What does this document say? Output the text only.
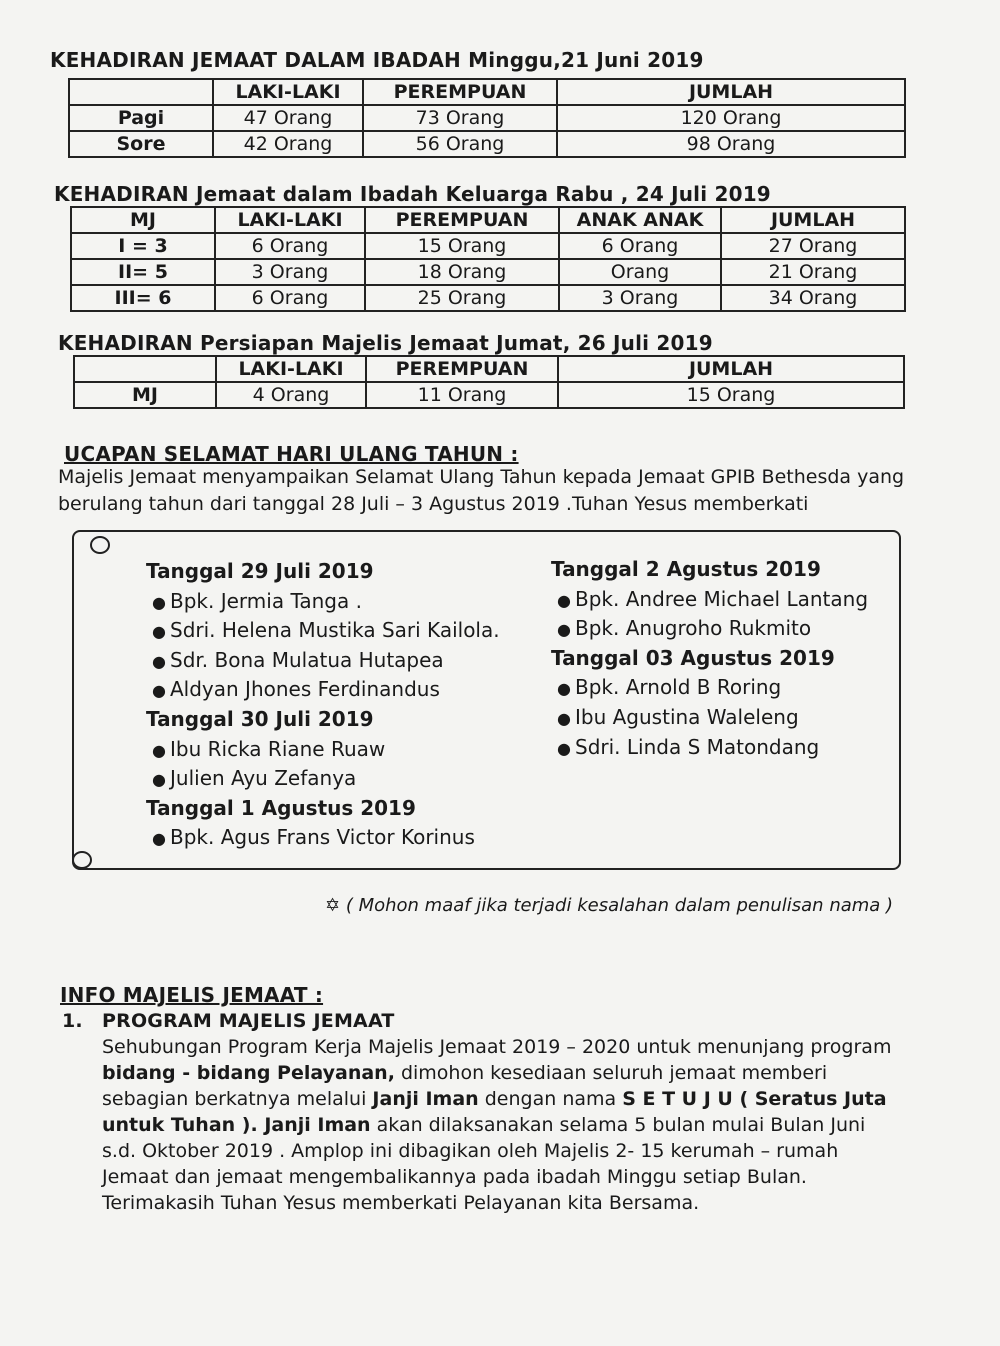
KEHADIRAN JEMAAT DALAM IBADAH Minggu,21 Juni 2019
	LAKI-LAKI	PEREMPUAN	JUMLAH
Pagi	47 Orang	73 Orang	120 Orang
Sore	42 Orang	56 Orang	98 Orang
KEHADIRAN Jemaat dalam Ibadah Keluarga Rabu , 24 Juli 2019
MJ	LAKI-LAKI	PEREMPUAN	ANAK ANAK	JUMLAH
I = 3	6 Orang	15 Orang	6 Orang	27 Orang
II= 5	3 Orang	18 Orang	Orang	21 Orang
III= 6	6 Orang	25 Orang	3 Orang	34 Orang
KEHADIRAN Persiapan Majelis Jemaat Jumat, 26 Juli 2019
	LAKI-LAKI	PEREMPUAN	JUMLAH
MJ	4 Orang	11 Orang	15 Orang
UCAPAN SELAMAT HARI ULANG TAHUN :
Majelis Jemaat menyampaikan Selamat Ulang Tahun kepada Jemaat GPIB Bethesda yang
berulang tahun dari tanggal 28 Juli – 3 Agustus 2019 .Tuhan Yesus memberkati
Tanggal 29 Juli 2019
● Bpk. Jermia Tanga .
● Sdri. Helena Mustika Sari Kailola.
● Sdr. Bona Mulatua Hutapea
● Aldyan Jhones Ferdinandus
Tanggal 30 Juli 2019
● Ibu Ricka Riane Ruaw
● Julien Ayu Zefanya
Tanggal 1 Agustus 2019
● Bpk. Agus Frans Victor Korinus
Tanggal 2 Agustus 2019
● Bpk. Andree Michael Lantang
● Bpk. Anugroho Rukmito
Tanggal 03 Agustus 2019
● Bpk. Arnold B Roring
● Ibu Agustina Waleleng
● Sdri. Linda S Matondang
✡ ( Mohon maaf jika terjadi kesalahan dalam penulisan nama )
INFO MAJELIS JEMAAT :
1. PROGRAM MAJELIS JEMAAT
Sehubungan Program Kerja Majelis Jemaat 2019 – 2020 untuk menunjang program
bidang - bidang Pelayanan, dimohon kesediaan seluruh jemaat memberi
sebagian berkatnya melalui Janji Iman dengan nama S E T U J U ( Seratus Juta
untuk Tuhan ). Janji Iman akan dilaksanakan selama 5 bulan mulai Bulan Juni
s.d. Oktober 2019 . Amplop ini dibagikan oleh Majelis 2- 15 kerumah – rumah
Jemaat dan jemaat mengembalikannya pada ibadah Minggu setiap Bulan.
Terimakasih Tuhan Yesus memberkati Pelayanan kita Bersama.
